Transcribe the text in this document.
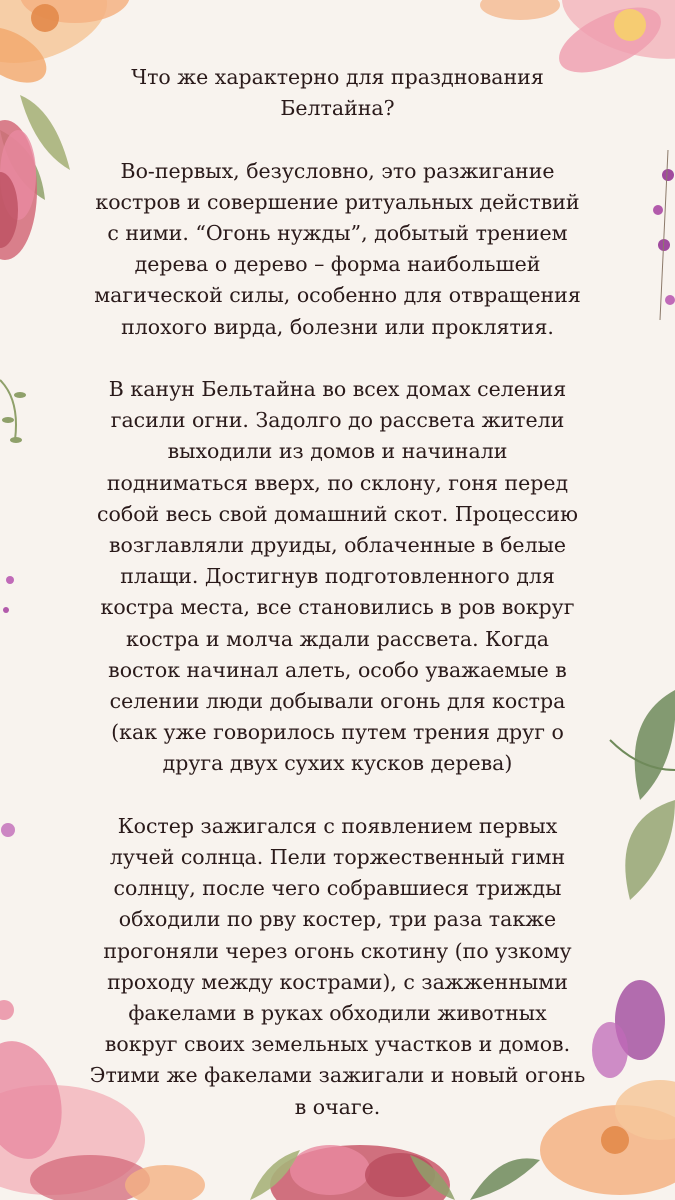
Что же характерно для празднования

Белтайна?

Во-первых, безусловно, это разжигание

костров и совершение ритуальных действий

с ними. “Огонь нужды”, добытый трением

дерева о дерево – форма наибольшей

магической силы, особенно для отвращения

плохого вирда, болезни или проклятия.

В канун Бельтайна во всех домах селения

гасили огни. Задолго до рассвета жители

выходили из домов и начинали

подниматься вверх, по склону, гоня перед

собой весь свой домашний скот. Процессию

возглавляли друиды, облаченные в белые

плащи. Достигнув подготовленного для

костра места, все становились в ров вокруг

костра и молча ждали рассвета. Когда

восток начинал алеть, особо уважаемые в

селении люди добывали огонь для костра

(как уже говорилось путем трения друг о

друга двух сухих кусков дерева)

Костер зажигался с появлением первых

лучей солнца. Пели торжественный гимн

солнцу, после чего собравшиеся трижды

обходили по рву костер, три раза также

прогоняли через огонь скотину (по узкому

проходу между кострами), с зажженными

факелами в руках обходили животных

вокруг своих земельных участков и домов.

Этими же факелами зажигали и новый огонь

в очаге.
